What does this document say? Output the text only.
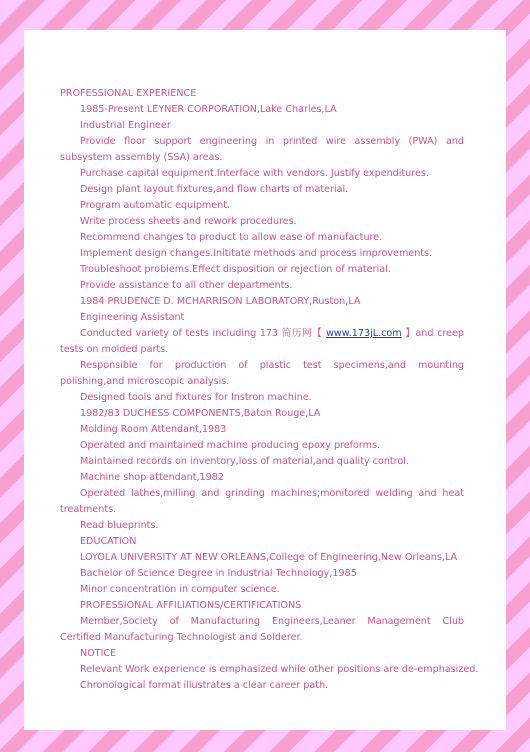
PROFESSIONAL EXPERIENCE
1985-Present LEYNER CORPORATION,Lake Charles,LA
Industrial Engineer
Provide floor support engineering in printed wire assembly (PWA) and subsystem assembly (SSA) areas.
Purchase capital equipment.Interface with vendors. Justify expenditures.
Design plant layout fixtures,and flow charts of material.
Program automatic equipment.
Write process sheets and rework procedures.
Recommend changes to product to allow ease of manufacture.
Implement design changes.Inititate methods and process improvements.
Troubleshoot problems.Effect disposition or rejection of material.
Provide assistance to all other departments.
1984 PRUDENCE D. MCHARRISON LABORATORY,Ruston,LA
Engineering Assistant
Conducted variety of tests including 173 简历网【 www.173jL.com 】and creep tests on molded parts.
Responsible for production of plastic test specimens,and mounting polishing,and microscopic analysis.
Designed tools and fixtures for Instron machine.
1982/83 DUCHESS COMPONENTS,Baton Rouge,LA
Molding Room Attendant,1983
Operated and maintained machine producing epoxy preforms.
Maintained records on inventory,loss of material,and quality control.
Machine shop attendant,1982
Operated lathes,milling and grinding machines;monitored welding and heat treatments.
Read blueprints.
EDUCATION
LOYOLA UNIVERSITY AT NEW ORLEANS,College of Engineering,New Orleans,LA
Bachelor of Science Degree in Industrial Technology,1985
Minor concentration in computer science.
PROFESSIONAL AFFILIATIONS/CERTIFICATIONS
Member,Society of Manufacturing Engineers,Leaner Management Club Certified Manufacturing Technologist and Solderer.
NOTICE
Relevant Work experience is emphasized while other positions are de-emphasized.
Chronological format illustrates a clear career path.
